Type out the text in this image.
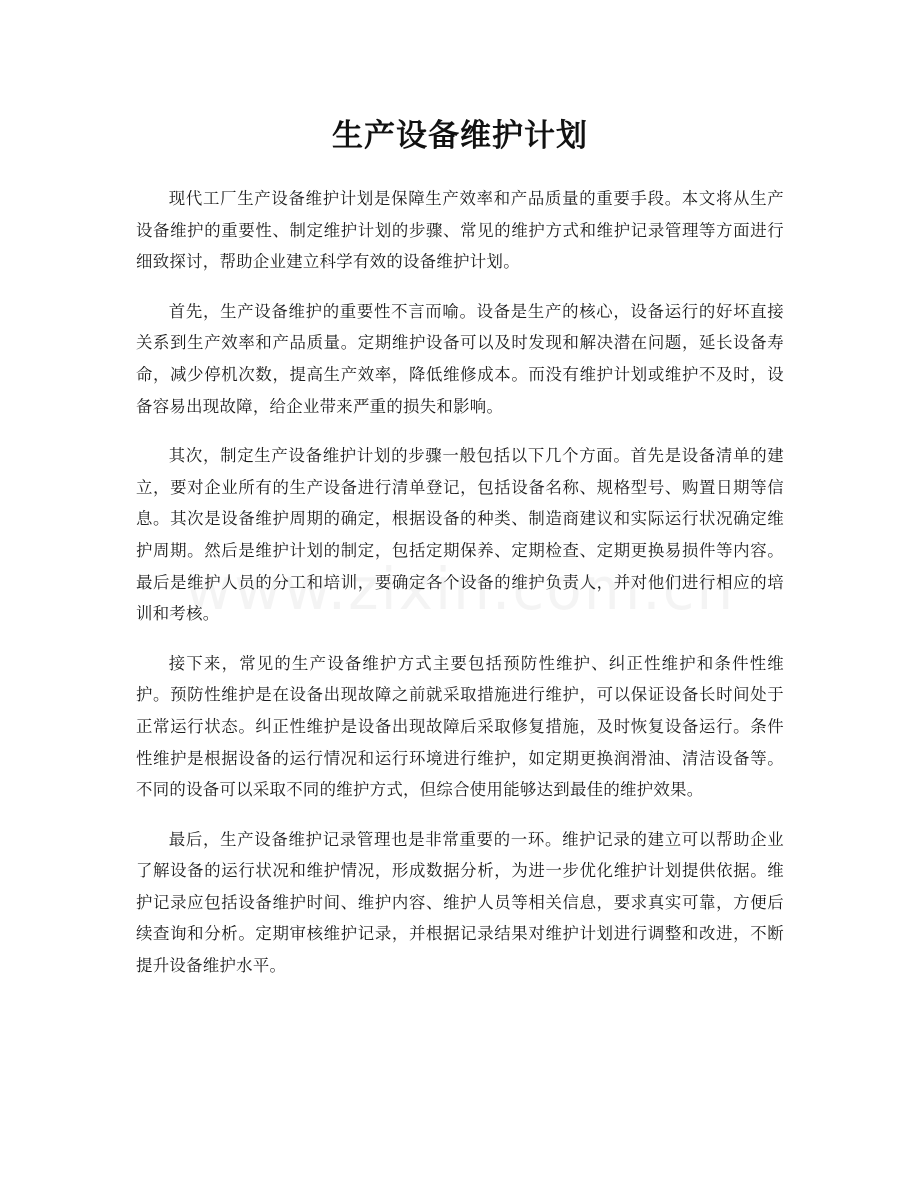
生产设备维护计划

现代工厂生产设备维护计划是保障生产效率和产品质量的重要手段。本文将从生产设备维护的重要性、制定维护计划的步骤、常见的维护方式和维护记录管理等方面进行细致探讨，帮助企业建立科学有效的设备维护计划。

首先，生产设备维护的重要性不言而喻。设备是生产的核心，设备运行的好坏直接关系到生产效率和产品质量。定期维护设备可以及时发现和解决潜在问题，延长设备寿命，减少停机次数，提高生产效率，降低维修成本。而没有维护计划或维护不及时，设备容易出现故障，给企业带来严重的损失和影响。

其次，制定生产设备维护计划的步骤一般包括以下几个方面。首先是设备清单的建立，要对企业所有的生产设备进行清单登记，包括设备名称、规格型号、购置日期等信息。其次是设备维护周期的确定，根据设备的种类、制造商建议和实际运行状况确定维护周期。然后是维护计划的制定，包括定期保养、定期检查、定期更换易损件等内容。最后是维护人员的分工和培训，要确定各个设备的维护负责人，并对他们进行相应的培训和考核。

接下来，常见的生产设备维护方式主要包括预防性维护、纠正性维护和条件性维护。预防性维护是在设备出现故障之前就采取措施进行维护，可以保证设备长时间处于正常运行状态。纠正性维护是设备出现故障后采取修复措施，及时恢复设备运行。条件性维护是根据设备的运行情况和运行环境进行维护，如定期更换润滑油、清洁设备等。不同的设备可以采取不同的维护方式，但综合使用能够达到最佳的维护效果。

最后，生产设备维护记录管理也是非常重要的一环。维护记录的建立可以帮助企业了解设备的运行状况和维护情况，形成数据分析，为进一步优化维护计划提供依据。维护记录应包括设备维护时间、维护内容、维护人员等相关信息，要求真实可靠，方便后续查询和分析。定期审核维护记录，并根据记录结果对维护计划进行调整和改进，不断提升设备维护水平。
